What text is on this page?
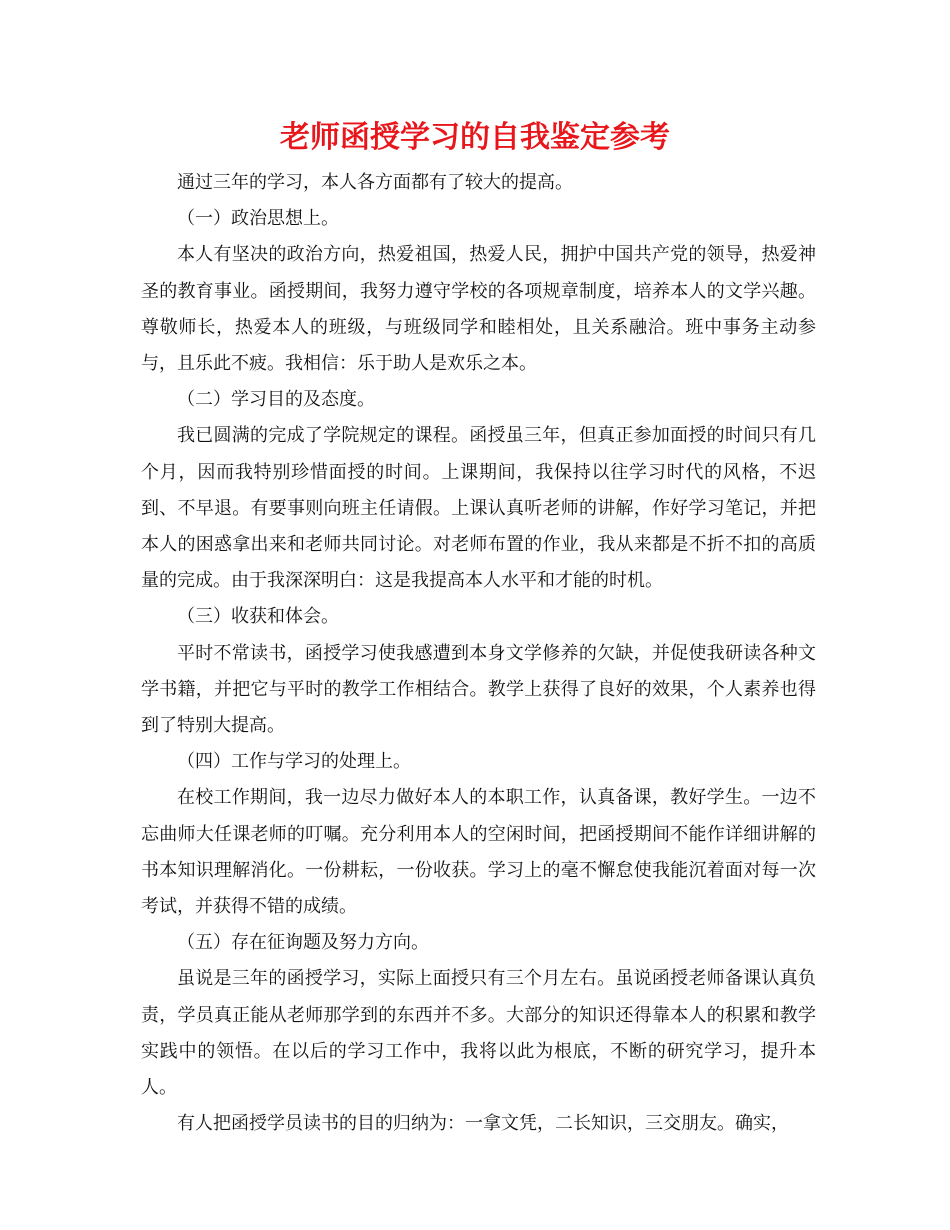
老师函授学习的自我鉴定参考

通过三年的学习，本人各方面都有了较大的提高。

（一）政治思想上。

本人有坚决的政治方向，热爱祖国，热爱人民，拥护中国共产党的领导，热爱神圣的教育事业。函授期间，我努力遵守学校的各项规章制度，培养本人的文学兴趣。尊敬师长，热爱本人的班级，与班级同学和睦相处，且关系融洽。班中事务主动参与，且乐此不疲。我相信：乐于助人是欢乐之本。

（二）学习目的及态度。

我已圆满的完成了学院规定的课程。函授虽三年，但真正参加面授的时间只有几个月，因而我特别珍惜面授的时间。上课期间，我保持以往学习时代的风格，不迟到、不早退。有要事则向班主任请假。上课认真听老师的讲解，作好学习笔记，并把本人的困惑拿出来和老师共同讨论。对老师布置的作业，我从来都是不折不扣的高质量的完成。由于我深深明白：这是我提高本人水平和才能的时机。

（三）收获和体会。

平时不常读书，函授学习使我感遭到本身文学修养的欠缺，并促使我研读各种文学书籍，并把它与平时的教学工作相结合。教学上获得了良好的效果，个人素养也得到了特别大提高。

（四）工作与学习的处理上。

在校工作期间，我一边尽力做好本人的本职工作，认真备课，教好学生。一边不忘曲师大任课老师的叮嘱。充分利用本人的空闲时间，把函授期间不能作详细讲解的书本知识理解消化。一份耕耘，一份收获。学习上的毫不懈怠使我能沉着面对每一次考试，并获得不错的成绩。

（五）存在征询题及努力方向。

虽说是三年的函授学习，实际上面授只有三个月左右。虽说函授老师备课认真负责，学员真正能从老师那学到的东西并不多。大部分的知识还得靠本人的积累和教学实践中的领悟。在以后的学习工作中，我将以此为根底，不断的研究学习，提升本人。

有人把函授学员读书的目的归纳为：一拿文凭，二长知识，三交朋友。确实，
